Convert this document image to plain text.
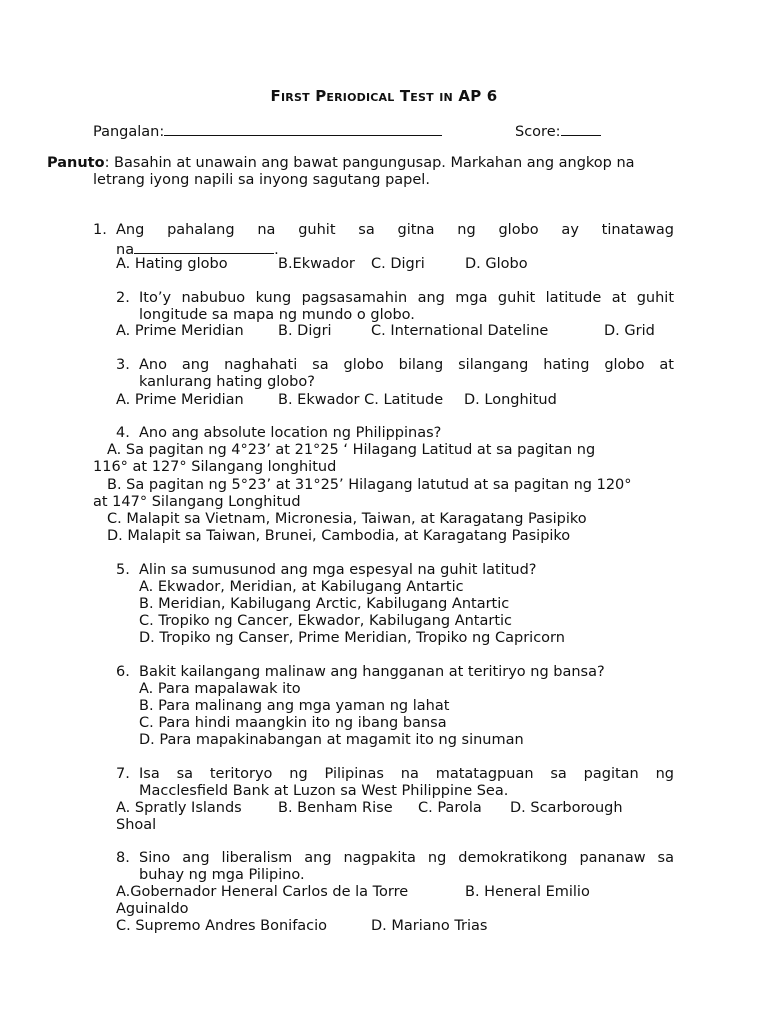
First Periodical Test in AP 6
Pangalan:	Score:
Panuto: Basahin at unawain ang bawat pangungusap. Markahan ang angkop na
letrang iyong napili sa inyong sagutang papel.
1. Ang pahalang na guhit sa gitna ng globo ay tinatawag
na	.
A. Hating globo	B.Ekwador C. Digri	D. Globo
2. Ito’y nabubuo kung pagsasamahin ang mga guhit latitude at guhit
longitude sa mapa ng mundo o globo.
A. Prime Meridian B. Digri	C. International Dateline	D. Grid
3. Ano ang naghahati sa globo bilang silangang hating globo at
kanlurang hating globo?
A. Prime Meridian B. Ekwador C. Latitude D. Longhitud
4. Ano ang absolute location ng Philippinas?
A. Sa pagitan ng 4°23’ at 21°25 ‘ Hilagang Latitud at sa pagitan ng
116° at 127° Silangang longhitud
B. Sa pagitan ng 5°23’ at 31°25’ Hilagang latutud at sa pagitan ng 120°
at 147° Silangang Longhitud
C. Malapit sa Vietnam, Micronesia, Taiwan, at Karagatang Pasipiko
D. Malapit sa Taiwan, Brunei, Cambodia, at Karagatang Pasipiko
5. Alin sa sumusunod ang mga espesyal na guhit latitud?
A. Ekwador, Meridian, at Kabilugang Antartic
B. Meridian, Kabilugang Arctic, Kabilugang Antartic
C. Tropiko ng Cancer, Ekwador, Kabilugang Antartic
D. Tropiko ng Canser, Prime Meridian, Tropiko ng Capricorn
6. Bakit kailangang malinaw ang hangganan at teritiryo ng bansa?
A. Para mapalawak ito
B. Para malinang ang mga yaman ng lahat
C. Para hindi maangkin ito ng ibang bansa
D. Para mapakinabangan at magamit ito ng sinuman
7. Isa sa teritoryo ng Pilipinas na matatagpuan sa pagitan ng
Macclesfield Bank at Luzon sa West Philippine Sea.
A. Spratly Islands	B. Benham Rise C. Parola D. Scarborough
Shoal
8. Sino ang liberalism ang nagpakita ng demokratikong pananaw sa
buhay ng mga Pilipino.
A.Gobernador Heneral Carlos de la Torre	B. Heneral Emilio
Aguinaldo
C. Supremo Andres Bonifacio	D. Mariano Trias
